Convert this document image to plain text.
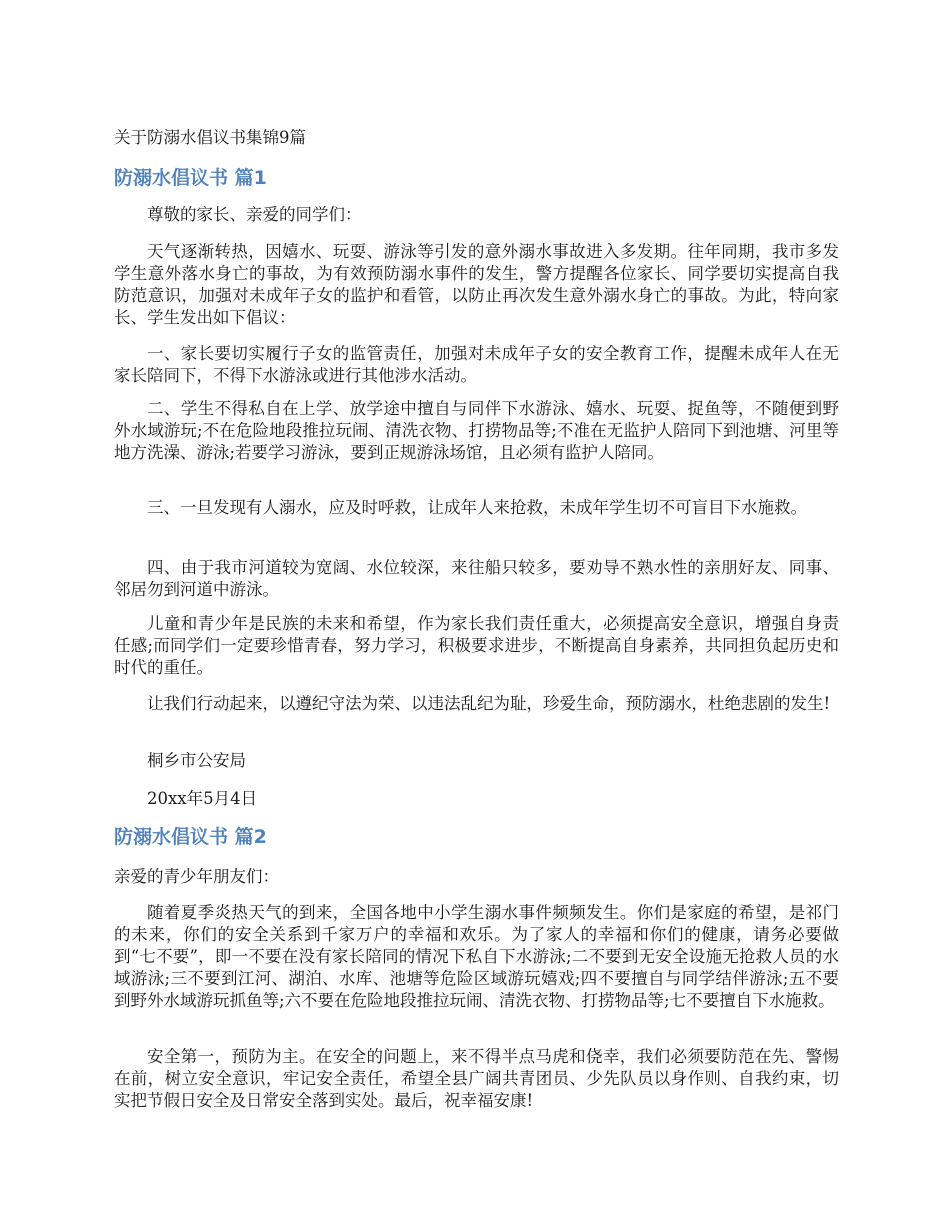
关于防溺水倡议书集锦9篇

防溺水倡议书 篇1

尊敬的家长、亲爱的同学们：

天气逐渐转热，因嬉水、玩耍、游泳等引发的意外溺水事故进入多发期。往年同期，我市多发学生意外落水身亡的事故，为有效预防溺水事件的发生，警方提醒各位家长、同学要切实提高自我防范意识，加强对未成年子女的监护和看管，以防止再次发生意外溺水身亡的事故。为此，特向家长、学生发出如下倡议：

一、家长要切实履行子女的监管责任，加强对未成年子女的安全教育工作，提醒未成年人在无家长陪同下，不得下水游泳或进行其他涉水活动。

二、学生不得私自在上学、放学途中擅自与同伴下水游泳、嬉水、玩耍、捉鱼等，不随便到野外水域游玩;不在危险地段推拉玩闹、清洗衣物、打捞物品等;不准在无监护人陪同下到池塘、河里等地方洗澡、游泳;若要学习游泳，要到正规游泳场馆，且必须有监护人陪同。

三、一旦发现有人溺水，应及时呼救，让成年人来抢救，未成年学生切不可盲目下水施救。

四、由于我市河道较为宽阔、水位较深，来往船只较多，要劝导不熟水性的亲朋好友、同事、邻居勿到河道中游泳。

儿童和青少年是民族的未来和希望，作为家长我们责任重大，必须提高安全意识，增强自身责任感;而同学们一定要珍惜青春，努力学习，积极要求进步，不断提高自身素养，共同担负起历史和时代的重任。

让我们行动起来，以遵纪守法为荣、以违法乱纪为耻，珍爱生命，预防溺水，杜绝悲剧的发生!

桐乡市公安局

20xx年5月4日

防溺水倡议书 篇2

亲爱的青少年朋友们：

随着夏季炎热天气的到来，全国各地中小学生溺水事件频频发生。你们是家庭的希望，是祁门的未来，你们的安全关系到千家万户的幸福和欢乐。为了家人的幸福和你们的健康，请务必要做到“七不要”，即一不要在没有家长陪同的情况下私自下水游泳;二不要到无安全设施无抢救人员的水域游泳;三不要到江河、湖泊、水库、池塘等危险区域游玩嬉戏;四不要擅自与同学结伴游泳;五不要到野外水域游玩抓鱼等;六不要在危险地段推拉玩闹、清洗衣物、打捞物品等;七不要擅自下水施救。

安全第一，预防为主。在安全的问题上，来不得半点马虎和侥幸，我们必须要防范在先、警惕在前，树立安全意识，牢记安全责任，希望全县广阔共青团员、少先队员以身作则、自我约束，切实把节假日安全及日常安全落到实处。最后，祝幸福安康!
